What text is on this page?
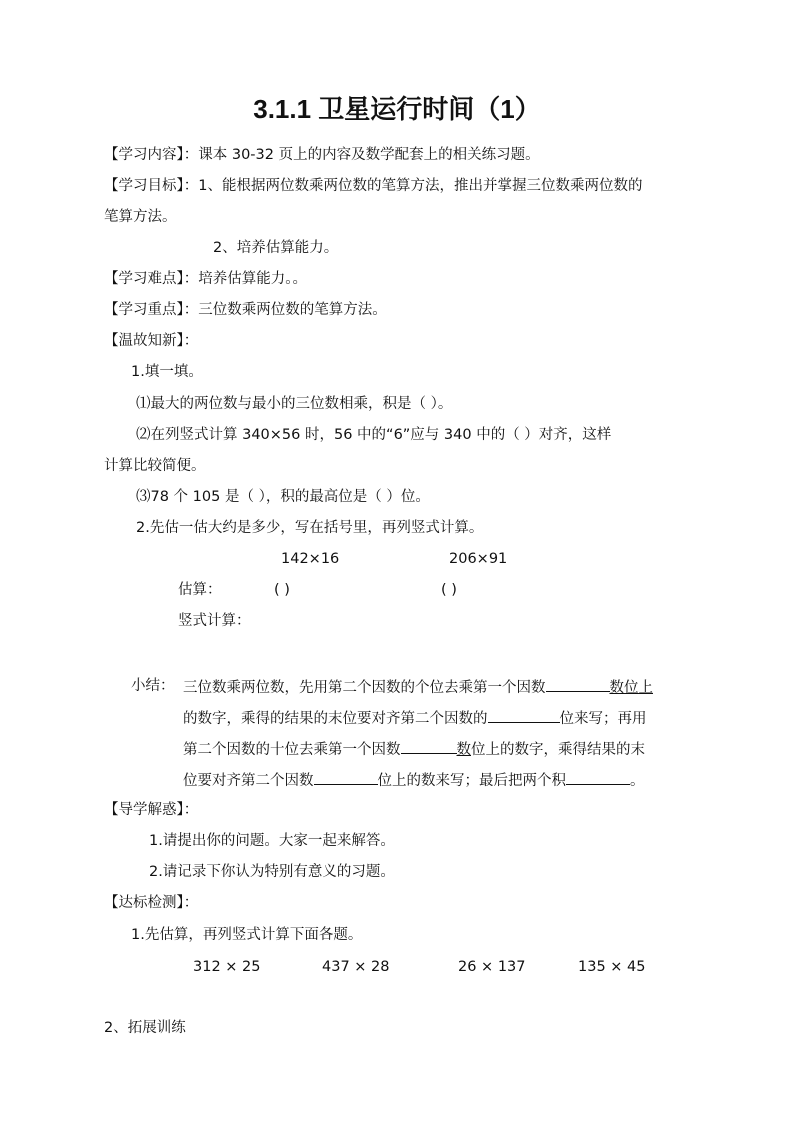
3.1.1 卫星运行时间（1）
【学习内容】：课本 30-32 页上的内容及数学配套上的相关练习题。
【学习目标】：1、能根据两位数乘两位数的笔算方法，推出并掌握三位数乘两位数的
笔算方法。
2、培养估算能力。
【学习难点】：培养估算能力。。
【学习重点】：三位数乘两位数的笔算方法。
【温故知新】：
1.填一填。
⑴最大的两位数与最小的三位数相乘，积是（ ）。
⑵在列竖式计算 340×56 时，56 中的“6”应与 340 中的（ ）对齐，这样
计算比较简便。
⑶78 个 105 是（ ），积的最高位是（ ）位。
2.先估一估大约是多少，写在括号里，再列竖式计算。
142×16	206×91
估算：	( )	( )
竖式计算：
小结： 三位数乘两位数，先用第二个因数的个位去乘第一个因数	数位上
的数字，乘得的结果的末位要对齐第二个因数的	位来写；再用
第二个因数的十位去乘第一个因数	数位上的数字，乘得结果的末
位要对齐第二个因数	位上的数来写；最后把两个积	。
【导学解惑】：
1.请提出你的问题。大家一起来解答。
2.请记录下你认为特别有意义的习题。
【达标检测】：
1.先估算，再列竖式计算下面各题。
312 × 25	437 × 28	26 × 137	135 × 45
2、拓展训练
